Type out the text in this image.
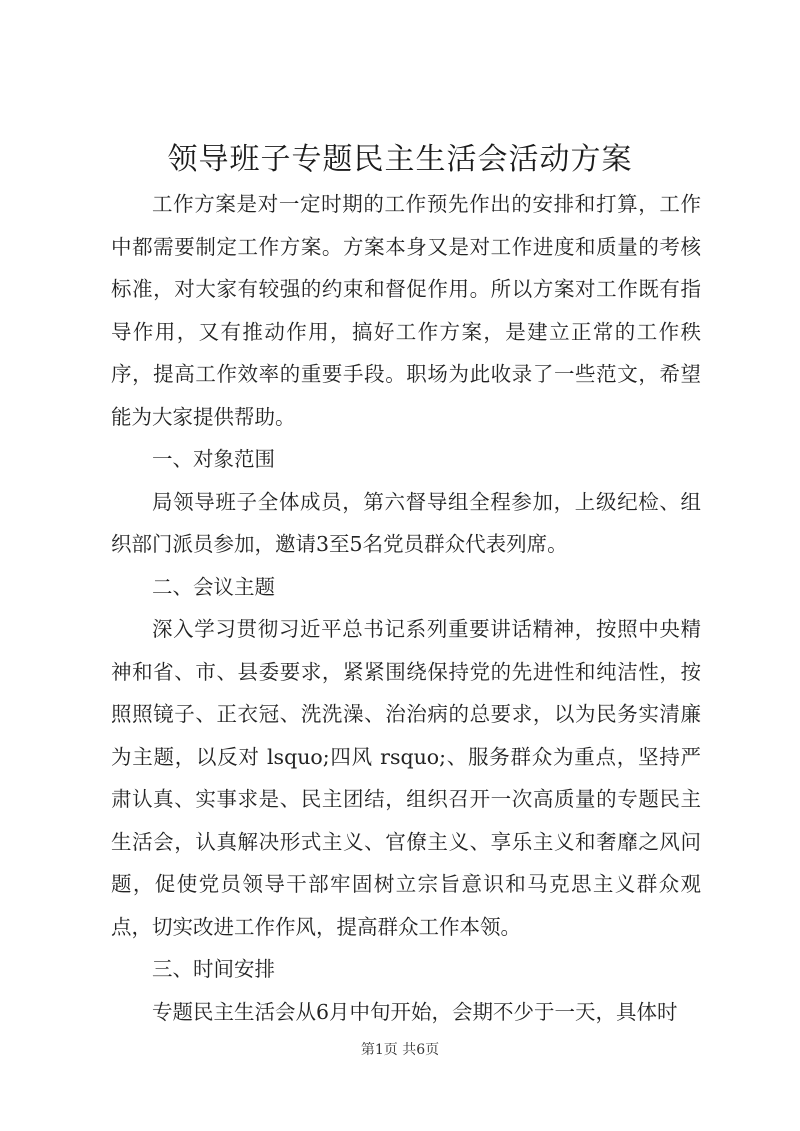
领导班子专题民主生活会活动方案

工作方案是对一定时期的工作预先作出的安排和打算，工作中都需要制定工作方案。方案本身又是对工作进度和质量的考核标准，对大家有较强的约束和督促作用。所以方案对工作既有指导作用，又有推动作用，搞好工作方案，是建立正常的工作秩序，提高工作效率的重要手段。职场为此收录了一些范文，希望能为大家提供帮助。

一、对象范围

局领导班子全体成员，第六督导组全程参加，上级纪检、组织部门派员参加，邀请3至5名党员群众代表列席。

二、会议主题

深入学习贯彻习近平总书记系列重要讲话精神，按照中央精神和省、市、县委要求，紧紧围绕保持党的先进性和纯洁性，按照照镜子、正衣冠、洗洗澡、治治病的总要求，以为民务实清廉为主题，以反对 lsquo;四风 rsquo;、服务群众为重点，坚持严肃认真、实事求是、民主团结，组织召开一次高质量的专题民主生活会，认真解决形式主义、官僚主义、享乐主义和奢靡之风问题，促使党员领导干部牢固树立宗旨意识和马克思主义群众观点，切实改进工作作风，提高群众工作本领。

三、时间安排

专题民主生活会从6月中旬开始，会期不少于一天，具体时

第1页 共6页
